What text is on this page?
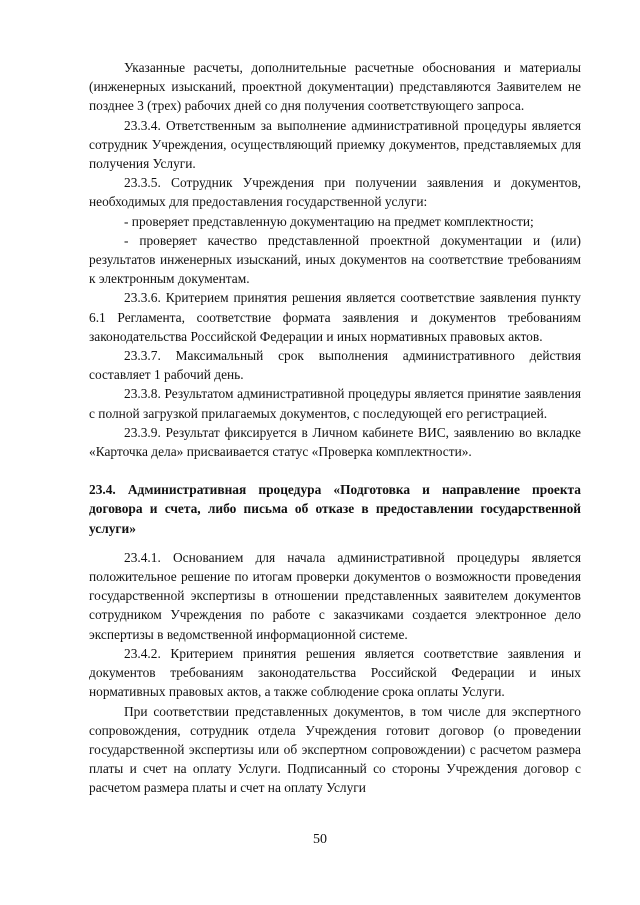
Указанные расчеты, дополнительные расчетные обоснования и материалы (инженерных изысканий, проектной документации) представляются Заявителем не позднее 3 (трех) рабочих дней со дня получения соответствующего запроса.

23.3.4. Ответственным за выполнение административной процедуры является сотрудник Учреждения, осуществляющий приемку документов, представляемых для получения Услуги.

23.3.5. Сотрудник Учреждения при получении заявления и документов, необходимых для предоставления государственной услуги:

- проверяет представленную документацию на предмет комплектности;

- проверяет качество представленной проектной документации и (или) результатов инженерных изысканий, иных документов на соответствие требованиям к электронным документам.

23.3.6. Критерием принятия решения является соответствие заявления пункту 6.1 Регламента, соответствие формата заявления и документов требованиям законодательства Российской Федерации и иных нормативных правовых актов.

23.3.7. Максимальный срок выполнения административного действия составляет 1 рабочий день.

23.3.8. Результатом административной процедуры является принятие заявления с полной загрузкой прилагаемых документов, с последующей его регистрацией.

23.3.9. Результат фиксируется в Личном кабинете ВИС, заявлению во вкладке «Карточка дела» присваивается статус «Проверка комплектности».

23.4. Административная процедура «Подготовка и направление проекта договора и счета, либо письма об отказе в предоставлении государственной услуги»

23.4.1. Основанием для начала административной процедуры является положительное решение по итогам проверки документов о возможности проведения государственной экспертизы в отношении представленных заявителем документов сотрудником Учреждения по работе с заказчиками создается электронное дело экспертизы в ведомственной информационной системе.

23.4.2. Критерием принятия решения является соответствие заявления и документов требованиям законодательства Российской Федерации и иных нормативных правовых актов, а также соблюдение срока оплаты Услуги.

При соответствии представленных документов, в том числе для экспертного сопровождения, сотрудник отдела Учреждения готовит договор (о проведении государственной экспертизы или об экспертном сопровождении) с расчетом размера платы и счет на оплату Услуги. Подписанный со стороны Учреждения договор с расчетом размера платы и счет на оплату Услуги

50
